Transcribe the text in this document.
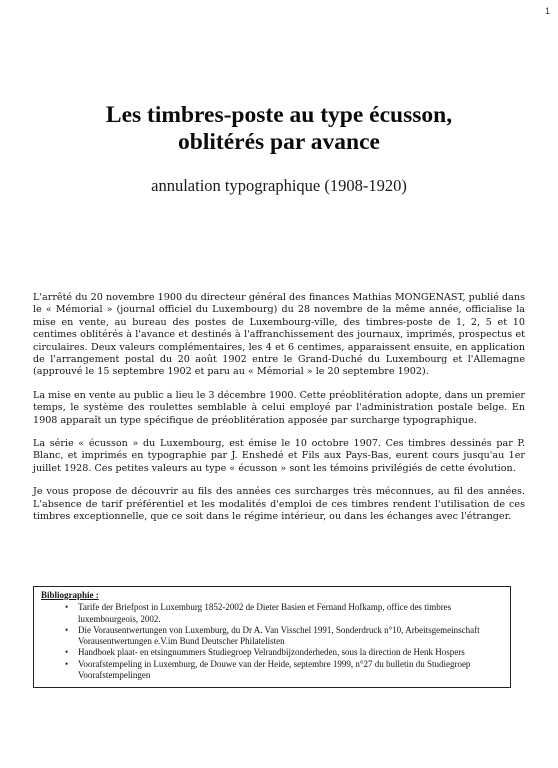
1
Les timbres-poste au type écusson,
oblitérés par avance

annulation typographique (1908-1920)

L'arrêté du 20 novembre 1900 du directeur général des finances Mathias MONGENAST, publié dans le « Mémorial » (journal officiel du Luxembourg) du 28 novembre de la même année, officialise la mise en vente, au bureau des postes de Luxembourg-ville, des timbres-poste de 1, 2, 5 et 10 centimes oblitérés à l'avance et destinés à l'affranchissement des journaux, imprimés, prospectus et circulaires. Deux valeurs complémentaires, les 4 et 6 centimes, apparaissent ensuite, en application de l'arrangement postal du 20 août 1902 entre le Grand-Duché du Luxembourg et l'Allemagne (approuvé le 15 septembre 1902 et paru au « Mémorial » le 20 septembre 1902).

La mise en vente au public a lieu le 3 décembre 1900. Cette préoblitération adopte, dans un premier temps, le système des roulettes semblable à celui employé par l'administration postale belge. En 1908 apparaît un type spécifique de préoblitération apposée par surcharge typographique.

La série « écusson » du Luxembourg, est émise le 10 octobre 1907. Ces timbres dessinés par P. Blanc, et imprimés en typographie par J. Enshedé et Fils aux Pays-Bas, eurent cours jusqu'au 1er juillet 1928. Ces petites valeurs au type « écusson » sont les témoins privilégiés de cette évolution.

Je vous propose de découvrir au fils des années ces surcharges très méconnues, au fil des années. L'absence de tarif préférentiel et les modalités d'emploi de ces timbres rendent l'utilisation de ces timbres exceptionnelle, que ce soit dans le régime intérieur, ou dans les échanges avec l'étranger.

Bibliographie :
• Tarife der Briefpost in Luxemburg 1852-2002 de Dieter Basien et Fernand Hofkamp, office des timbres luxembourgeois, 2002.
• Die Vorausentwertungen von Luxemburg, du Dr A. Van Visschel 1991, Sonderdruck n°10, Arbeitsgemeinschaft Vorausentwertungen e.V.im Bund Deutscher Philatelisten
• Handboek plaat- en etsingnummers Studiegroep Velrandbijzonderheden, sous la direction de Henk Hospers
• Voorafstempeling in Luxemburg, de Douwe van der Heide, septembre 1999, n°27 du bulletin du Studiegroep Voorafstempelingen
